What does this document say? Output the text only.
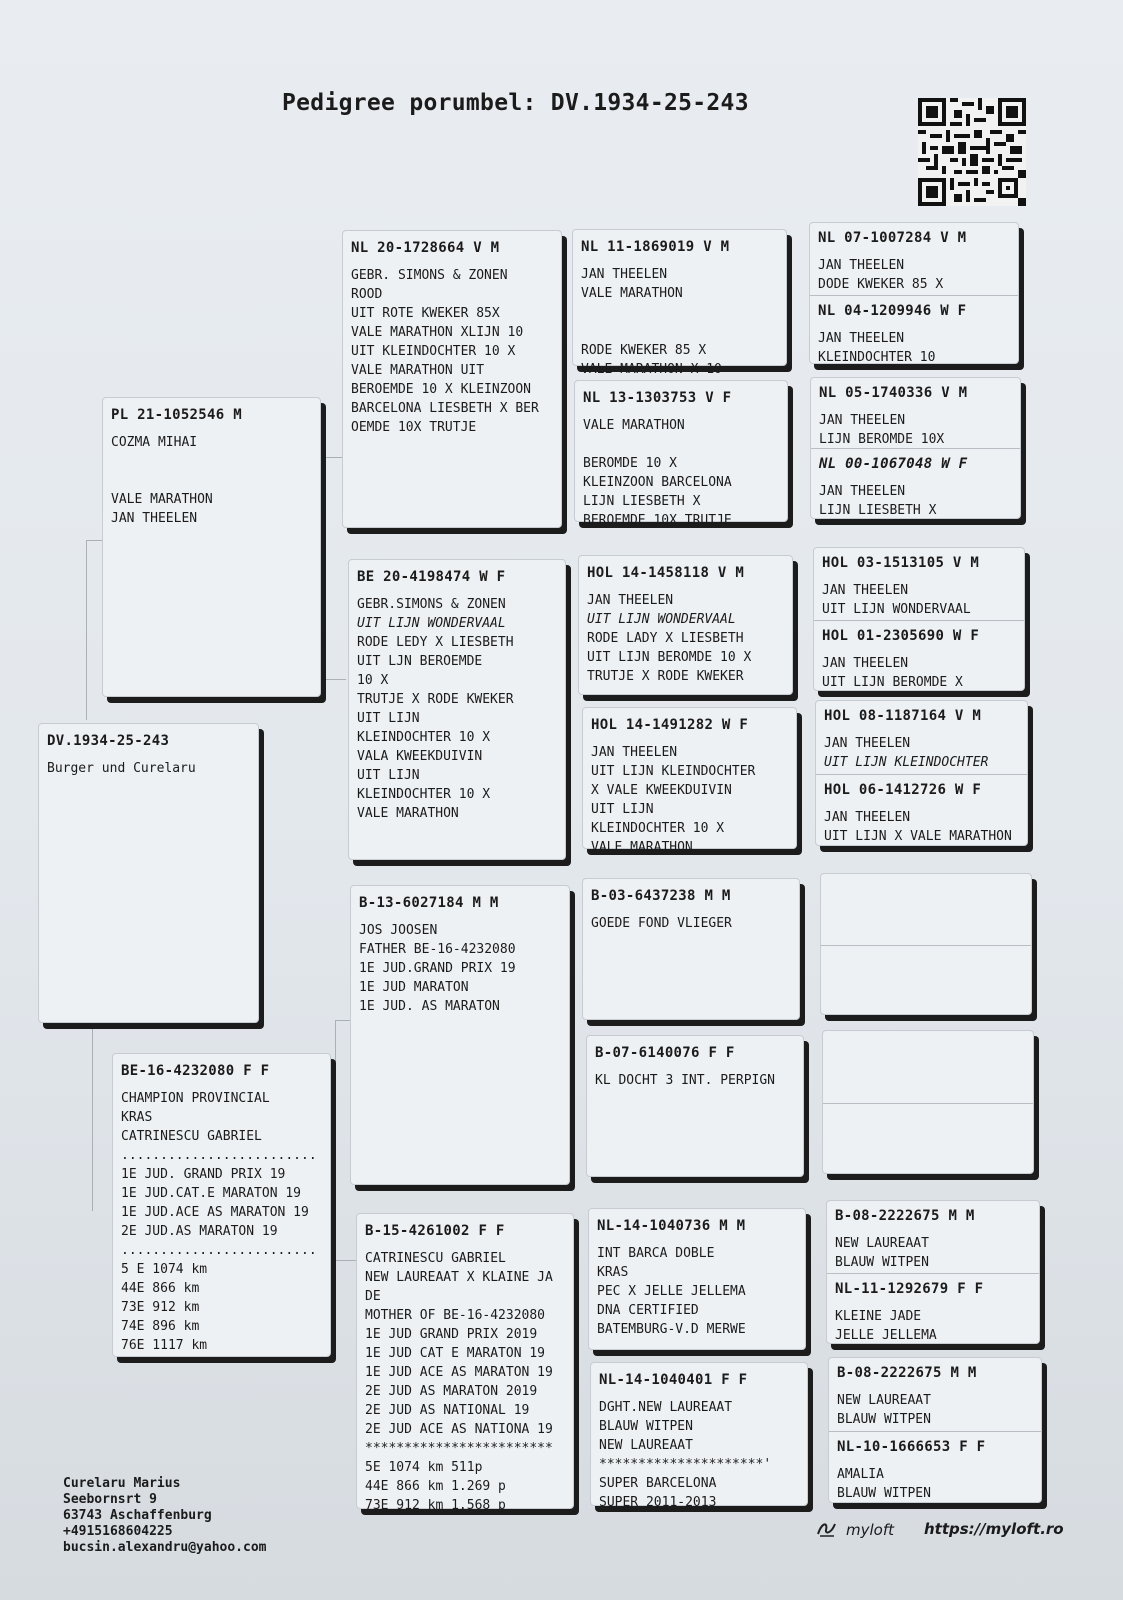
Pedigree porumbel: DV.1934-25-243
DV.1934-25-243
Burger und Curelaru
PL 21-1052546 M
COZMA MIHAI

VALE MARATHON
JAN THEELEN
BE-16-4232080 F F
CHAMPION PROVINCIAL
KRAS
CATRINESCU GABRIEL
.........................
1E JUD. GRAND PRIX 19
1E JUD.CAT.E MARATON 19
1E JUD.ACE AS MARATON 19
2E JUD.AS MARATON 19
.........................
5 E 1074 km
44E 866 km
73E 912 km
74E 896 km
76E 1117 km
NL 20-1728664 V M
GEBR. SIMONS & ZONEN
ROOD
UIT ROTE KWEKER 85X
VALE MARATHON XLIJN 10
UIT KLEINDOCHTER 10 X
VALE MARATHON UIT
BEROEMDE 10 X KLEINZOON
BARCELONA LIESBETH X BER
OEMDE 10X TRUTJE
BE 20-4198474 W F
GEBR.SIMONS & ZONEN
UIT LIJN WONDERVAAL
RODE LEDY X LIESBETH
UIT LJN BEROEMDE
10 X
TRUTJE X RODE KWEKER
UIT LIJN
KLEINDOCHTER 10 X
VALA KWEEKDUIVIN
UIT LIJN
KLEINDOCHTER 10 X
VALE MARATHON
B-13-6027184 M M
JOS JOOSEN
FATHER BE-16-4232080
1E JUD.GRAND PRIX 19
1E JUD MARATON
1E JUD. AS MARATON
B-15-4261002 F F
CATRINESCU GABRIEL
NEW LAUREAAT X KLAINE JA
DE
MOTHER OF BE-16-4232080
1E JUD GRAND PRIX 2019
1E JUD CAT E MARATON 19
1E JUD ACE AS MARATON 19
2E JUD AS MARATON 2019
2E JUD AS NATIONAL 19
2E JUD ACE AS NATIONA 19
************************
5E 1074 km 511p
44E 866 km 1.269 p
73E 912 km 1.568 p
NL 11-1869019 V M
JAN THEELEN
VALE MARATHON

RODE KWEKER 85 X
VALE MARATHON X 10
NL 13-1303753 V F
VALE MARATHON

BEROMDE 10 X
KLEINZOON BARCELONA
LIJN LIESBETH X
BEROEMDE 10X TRUTJE
HOL 14-1458118 V M
JAN THEELEN
UIT LIJN WONDERVAAL
RODE LADY X LIESBETH
UIT LIJN BEROMDE 10 X
TRUTJE X RODE KWEKER
HOL 14-1491282 W F
JAN THEELEN
UIT LIJN KLEINDOCHTER
X VALE KWEEKDUIVIN
UIT LIJN
KLEINDOCHTER 10 X
VALE MARATHON
B-03-6437238 M M
GOEDE FOND VLIEGER
B-07-6140076 F F
KL DOCHT 3 INT. PERPIGN
NL-14-1040736 M M
INT BARCA DOBLE
KRAS
PEC X JELLE JELLEMA
DNA CERTIFIED
BATEMBURG-V.D MERWE
.....................
NL-14-1040401 F F
DGHT.NEW LAUREAAT
BLAUW WITPEN
NEW LAUREAAT
*********************'
SUPER BARCELONA
SUPER 2011-2013
NL 07-1007284 V M
JAN THEELEN
DODE KWEKER 85 X
NL 04-1209946 W F
JAN THEELEN
KLEINDOCHTER 10
NL 05-1740336 V M
JAN THEELEN
LIJN BEROMDE 10X
NL 00-1067048 W F
JAN THEELEN
LIJN LIESBETH X
HOL 03-1513105 V M
JAN THEELEN
UIT LIJN WONDERVAAL
HOL 01-2305690 W F
JAN THEELEN
UIT LIJN BEROMDE X
HOL 08-1187164 V M
JAN THEELEN
UIT LIJN KLEINDOCHTER
HOL 06-1412726 W F
JAN THEELEN
UIT LIJN X VALE MARATHON
B-08-2222675 M M
NEW LAUREAAT
BLAUW WITPEN
NL-11-1292679 F F
KLEINE JADE
JELLE JELLEMA
B-08-2222675 M M
NEW LAUREAAT
BLAUW WITPEN
NL-10-1666653 F F
AMALIA
BLAUW WITPEN
Curelaru Marius
Seebornsrt 9
63743 Aschaffenburg
+4915168604225
bucsin.alexandru@yahoo.com
myloft https://myloft.ro
